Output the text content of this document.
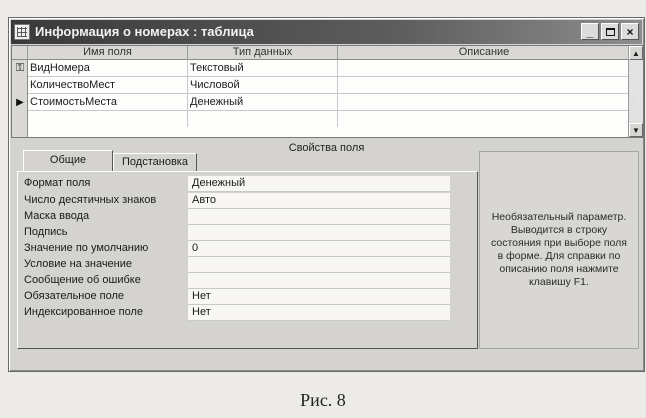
Информация о номерах : таблица	_	×
Имя поля	Тип данных	Описание
⚿
▶
ВидНомера	Текстовый
КоличествоМест	Числовой
СтоимостьМеста	Денежный
▲
▼
Свойства поля
Общие	Подстановка
Формат поля	Денежный
Число десятичных знаков	Авто
Маска ввода
Подпись
Значение по умолчанию	0
Условие на значение
Сообщение об ошибке
Обязательное поле	Нет
Индексированное поле	Нет
Необязательный параметр. Выводится в строку состояния при выборе поля в форме. Для справки по описанию поля нажмите клавишу F1.
Рис. 8
